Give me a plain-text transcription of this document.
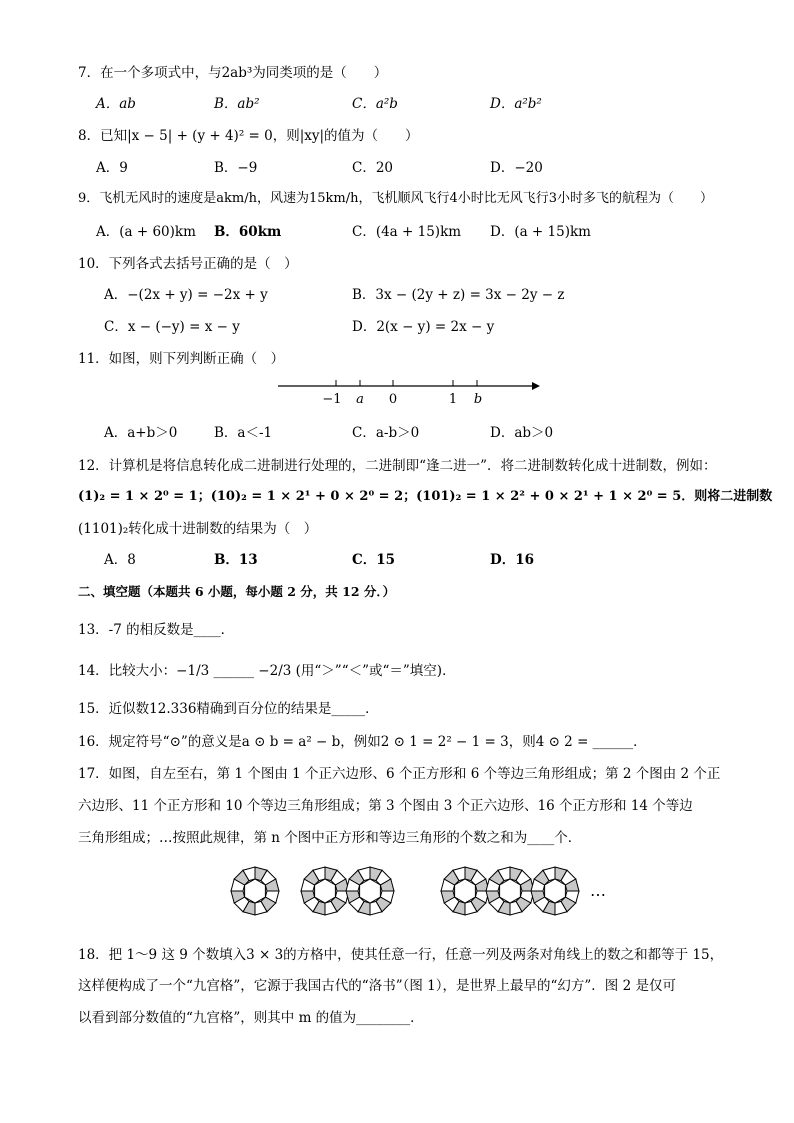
7．在一个多项式中，与2ab³为同类项的是（　　）
A．ab	B．ab²	C．a²b	D．a²b²
8．已知|x − 5| + (y + 4)² = 0，则|xy|的值为（　　）
A．9	B．−9	C．20	D．−20
9．飞机无风时的速度是akm/h，风速为15km/h，飞机顺风飞行4小时比无风飞行3小时多飞的航程为（　　）
A．(a + 60)km B．60km	C．(4a + 15)km D．(a + 15)km
10．下列各式去括号正确的是（　）
A．−(2x + y) = −2x + y	B．3x − (2y + z) = 3x − 2y − z
C．x − (−y) = x − y	D．2(x − y) = 2x − y
11．如图，则下列判断正确（　）
−1 a 0	1 b
A．a+b＞0	B．a＜-1	C．a-b＞0	D．ab＞0
12．计算机是将信息转化成二进制进行处理的，二进制即“逢二进一”．将二进制数转化成十进制数，例如：
(1)₂ = 1 × 2⁰ = 1；(10)₂ = 1 × 2¹ + 0 × 2⁰ = 2；(101)₂ = 1 × 2² + 0 × 2¹ + 1 × 2⁰ = 5．则将二进制数
(1101)₂转化成十进制数的结果为（　）
A．8	B．13	C．15	D．16
二、填空题（本题共 6 小题，每小题 2 分，共 12 分．）
13．-7 的相反数是____．
14．比较大小：−1/3 ______ −2/3 (用“＞”“＜”或“＝”填空)．
15．近似数12.336精确到百分位的结果是_____．
16．规定符号“⊙”的意义是a ⊙ b = a² − b，例如2 ⊙ 1 = 2² − 1 = 3，则4 ⊙ 2 = ______．
17．如图，自左至右，第 1 个图由 1 个正六边形、6 个正方形和 6 个等边三角形组成；第 2 个图由 2 个正
六边形、11 个正方形和 10 个等边三角形组成；第 3 个图由 3 个正六边形、16 个正方形和 14 个等边
三角形组成；…按照此规律，第 n 个图中正方形和等边三角形的个数之和为____个．
…
18．把 1～9 这 9 个数填入3 × 3的方格中，使其任意一行，任意一列及两条对角线上的数之和都等于 15，
这样便构成了一个“九宫格”，它源于我国古代的“洛书”（图 1），是世界上最早的“幻方”．图 2 是仅可
以看到部分数值的“九宫格”，则其中 m 的值为________．
